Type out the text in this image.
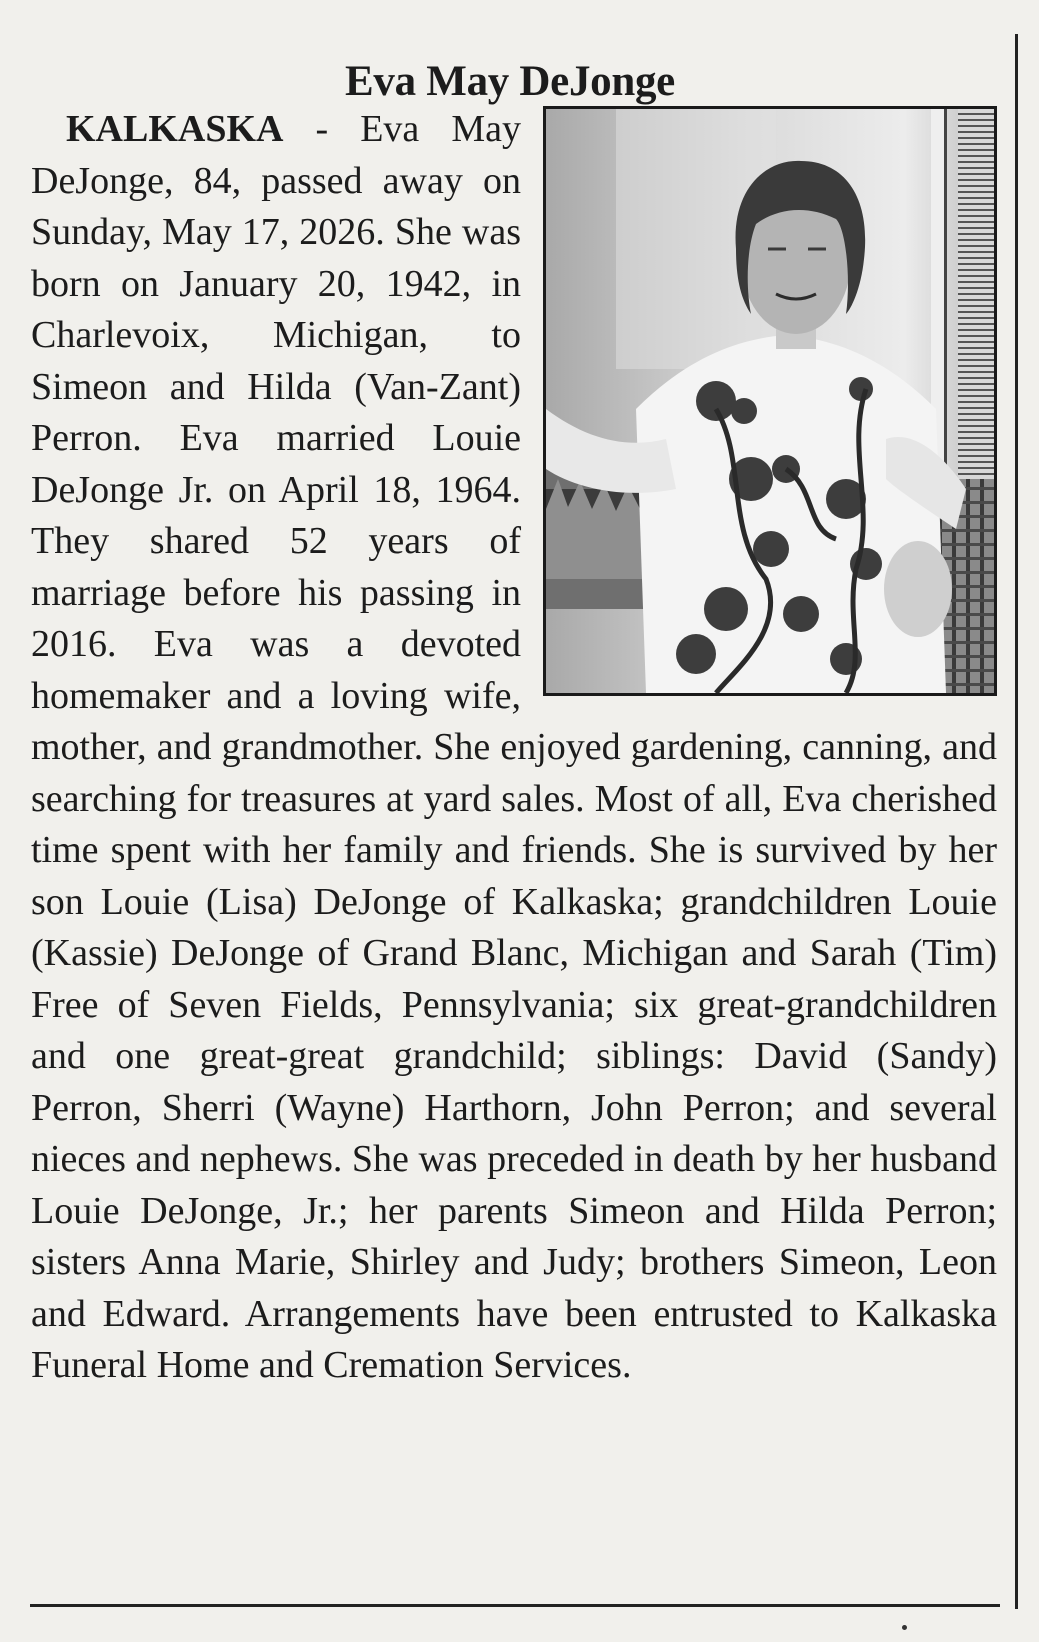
Eva May DeJonge

KALKASKA - Eva May DeJonge, 84, passed away on Sunday, May 17, 2026. She was born on January 20, 1942, in Charlevoix, Michigan, to Simeon and Hilda (Van-Zant) Perron. Eva married Louie DeJonge Jr. on April 18, 1964. They shared 52 years of marriage before his passing in 2016. Eva was a devoted homemaker and a loving wife, mother, and grandmother. She enjoyed gardening, canning, and searching for treasures at yard sales. Most of all, Eva cherished time spent with her family and friends. She is survived by her son Louie (Lisa) DeJonge of Kalkaska; grandchildren Louie (Kassie) DeJonge of Grand Blanc, Michigan and Sarah (Tim) Free of Seven Fields, Pennsylvania; six great-grandchildren and one great-great grandchild; siblings: David (Sandy) Perron, Sherri (Wayne) Harthorn, John Perron; and several nieces and nephews. She was preceded in death by her husband Louie DeJonge, Jr.; her parents Simeon and Hilda Perron; sisters Anna Marie, Shirley and Judy; brothers Simeon, Leon and Edward. Arrangements have been entrusted to Kalkaska Funeral Home and Cremation Services.
